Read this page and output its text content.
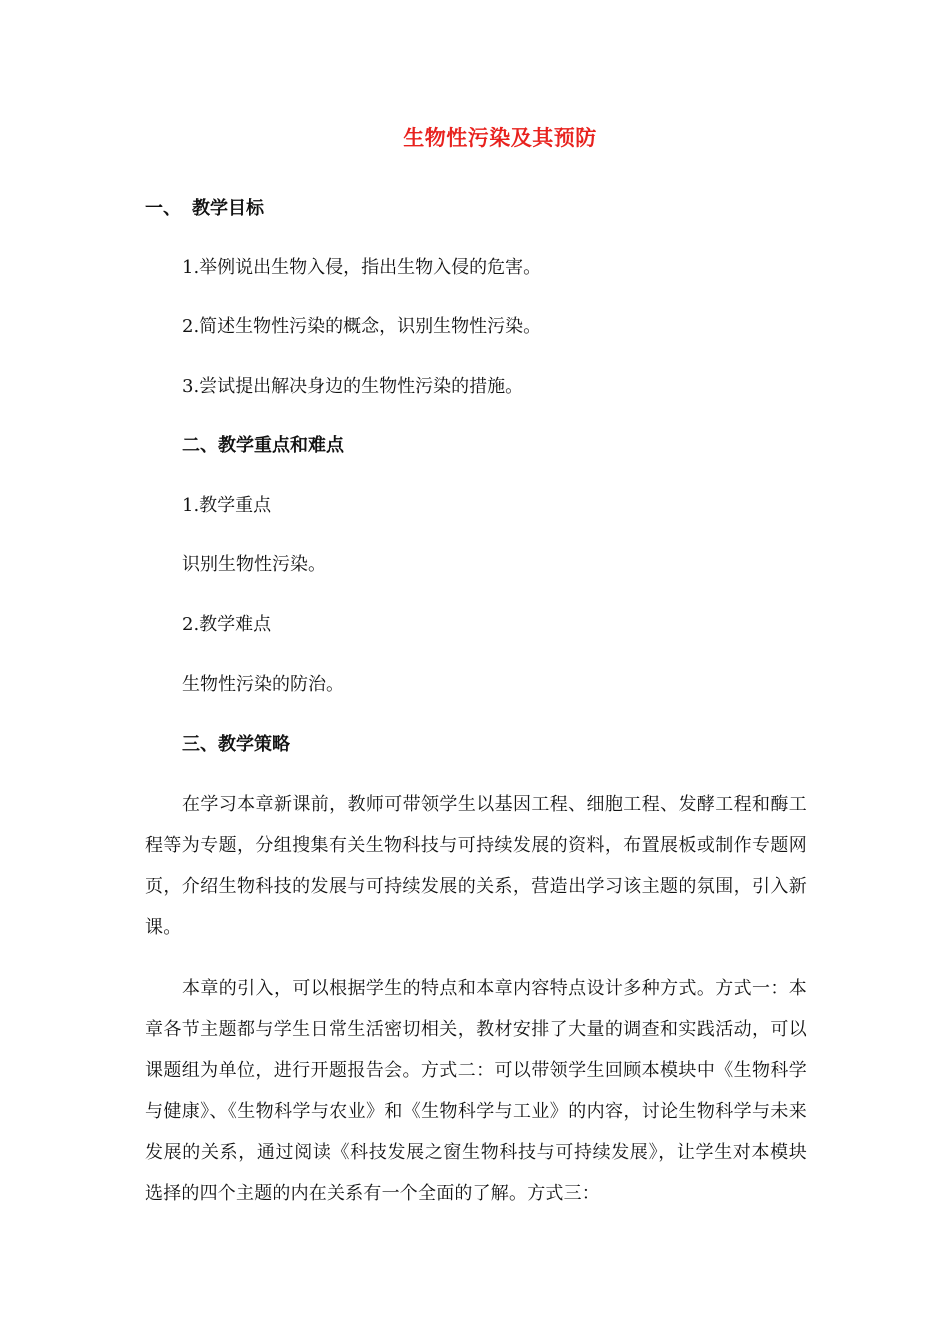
生物性污染及其预防
一、 教学目标
1.举例说出生物入侵，指出生物入侵的危害。
2.简述生物性污染的概念，识别生物性污染。
3.尝试提出解决身边的生物性污染的措施。
二、教学重点和难点
1.教学重点
识别生物性污染。
2.教学难点
生物性污染的防治。
三、教学策略
在学习本章新课前，教师可带领学生以基因工程、细胞工程、发酵工程和酶工程等为专题，分组搜集有关生物科技与可持续发展的资料，布置展板或制作专题网页，介绍生物科技的发展与可持续发展的关系，营造出学习该主题的氛围，引入新课。
本章的引入，可以根据学生的特点和本章内容特点设计多种方式。方式一：本章各节主题都与学生日常生活密切相关，教材安排了大量的调查和实践活动，可以课题组为单位，进行开题报告会。方式二：可以带领学生回顾本模块中《生物科学与健康》、《生物科学与农业》和《生物科学与工业》的内容，讨论生物科学与未来发展的关系，通过阅读《科技发展之窗生物科技与可持续发展》，让学生对本模块选择的四个主题的内在关系有一个全面的了解。方式三：
